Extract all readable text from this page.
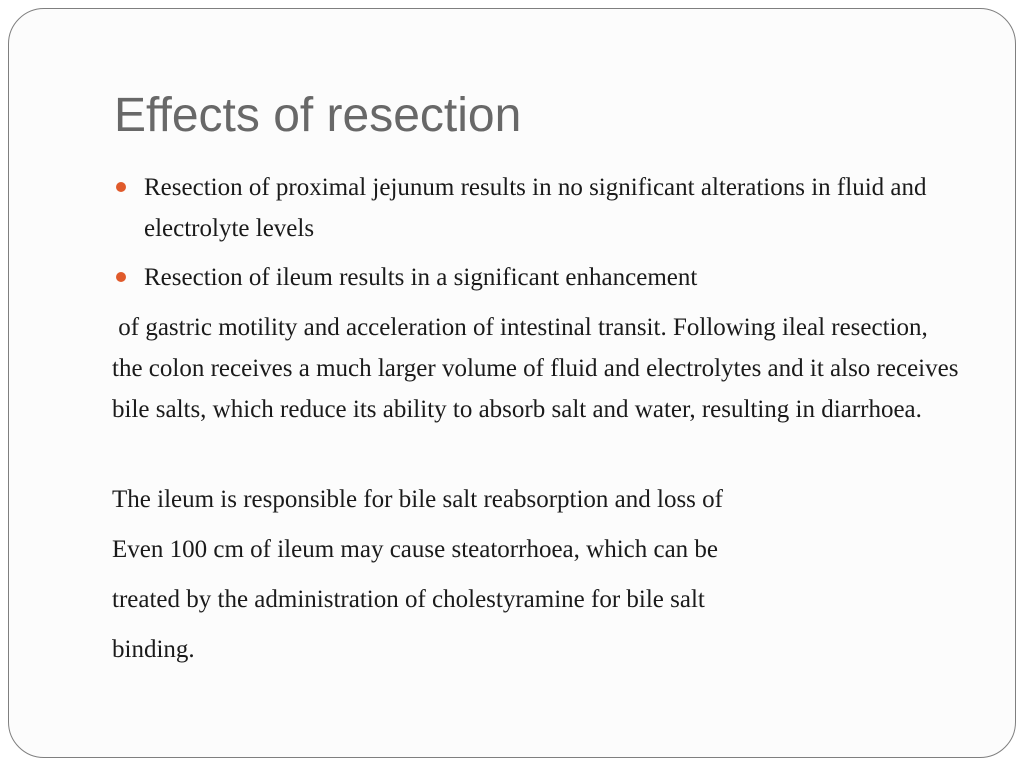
Effects of resection

Resection of proximal jejunum results in no significant alterations in fluid and electrolyte levels

Resection of ileum results in a significant enhancement

of gastric motility and acceleration of intestinal transit. Following ileal resection, the colon receives a much larger volume of fluid and electrolytes and it also receives bile salts, which reduce its ability to absorb salt and water, resulting in diarrhoea.

The ileum is responsible for bile salt reabsorption and loss of

Even 100 cm of ileum may cause steatorrhoea, which can be

treated by the administration of cholestyramine for bile salt

binding.
